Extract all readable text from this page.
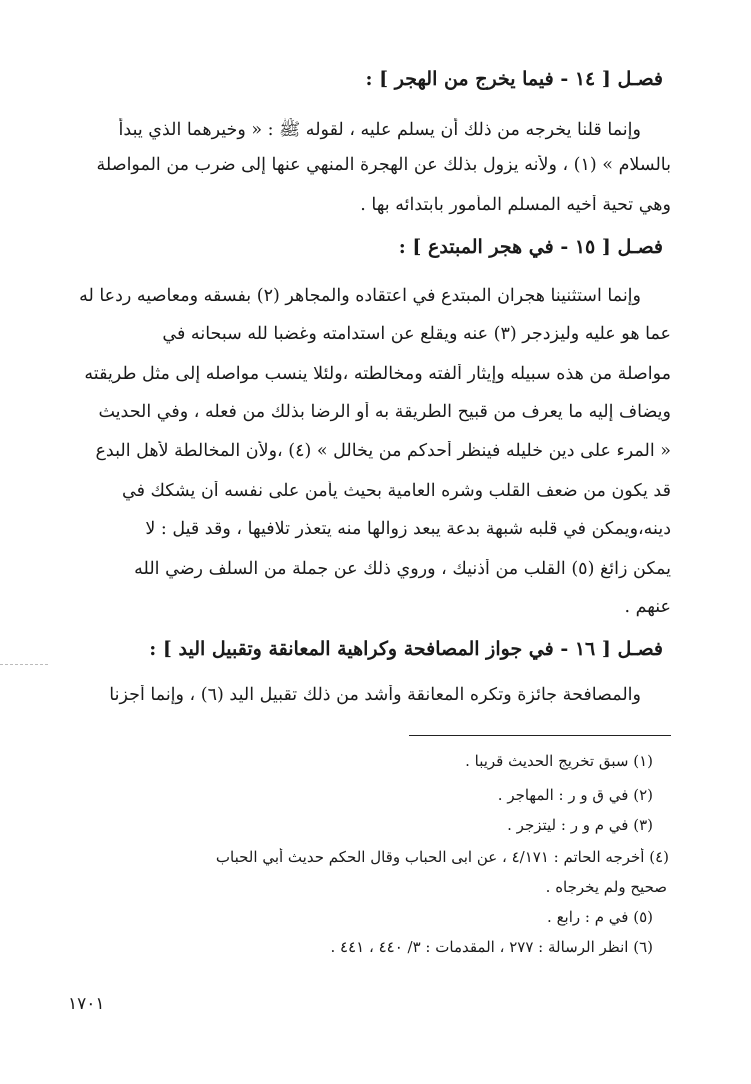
فصـل [ ١٤ - فيما يخرج من الهجر ] :
وإنما قلنا يخرجه من ذلك أن يسلم عليه ، لقوله ﷺ : « وخيرهما الذي يبدأ
بالسلام » (١) ، ولأنه يزول بذلك عن الهجرة المنهي عنها إلى ضرب من المواصلة
وهي تحية أخيه المسلم المأمور بابتدائه بها .
فصـل [ ١٥ - في هجر المبتدع ] :
وإنما استثنينا هجران المبتدع في اعتقاده والمجاهر (٢) بفسقه ومعاصيه ردعا له
عما هو عليه وليزدجر (٣) عنه ويقلع عن استدامته وغضبا لله سبحانه في
مواصلة من هذه سبيله وإيثار ألفته ومخالطته ،ولئلا ينسب مواصله إلى مثل طريقته
ويضاف إليه ما يعرف من قبيح الطريقة به أو الرضا بذلك من فعله ، وفي الحديث
« المرء على دين خليله فينظر أحدكم من يخالل » (٤) ،ولأن المخالطة لأهل البدع
قد يكون من ضعف القلب وشره العامية بحيث يأمن على نفسه أن يشكك في
دينه،ويمكن في قلبه شبهة بدعة يبعد زوالها منه يتعذر تلافيها ، وقد قيل : لا
يمكن زائغ (٥) القلب من أذنيك ، وروي ذلك عن جملة من السلف رضي الله
عنهم .
فصـل [ ١٦ - في جواز المصافحة وكراهية المعانقة وتقبيل اليد ] :
والمصافحة جائزة وتكره المعانقة وأشد من ذلك تقبيل اليد (٦) ، وإنما أجزنا
(١) سبق تخريج الحديث قريبا .
(٢) في ق و ر : المهاجر .
(٣) في م و ر : ليتزجر .
(٤) أخرجه الحاتم : ٤/١٧١ ، عن ابى الحباب وقال الحكم حديث أبي الحباب
صحيح ولم يخرجاه .
(٥) في م : رابع .
(٦) انظر الرسالة : ٢٧٧ ، المقدمات : ٣/ ٤٤٠ ، ٤٤١ .
١٧٠١
